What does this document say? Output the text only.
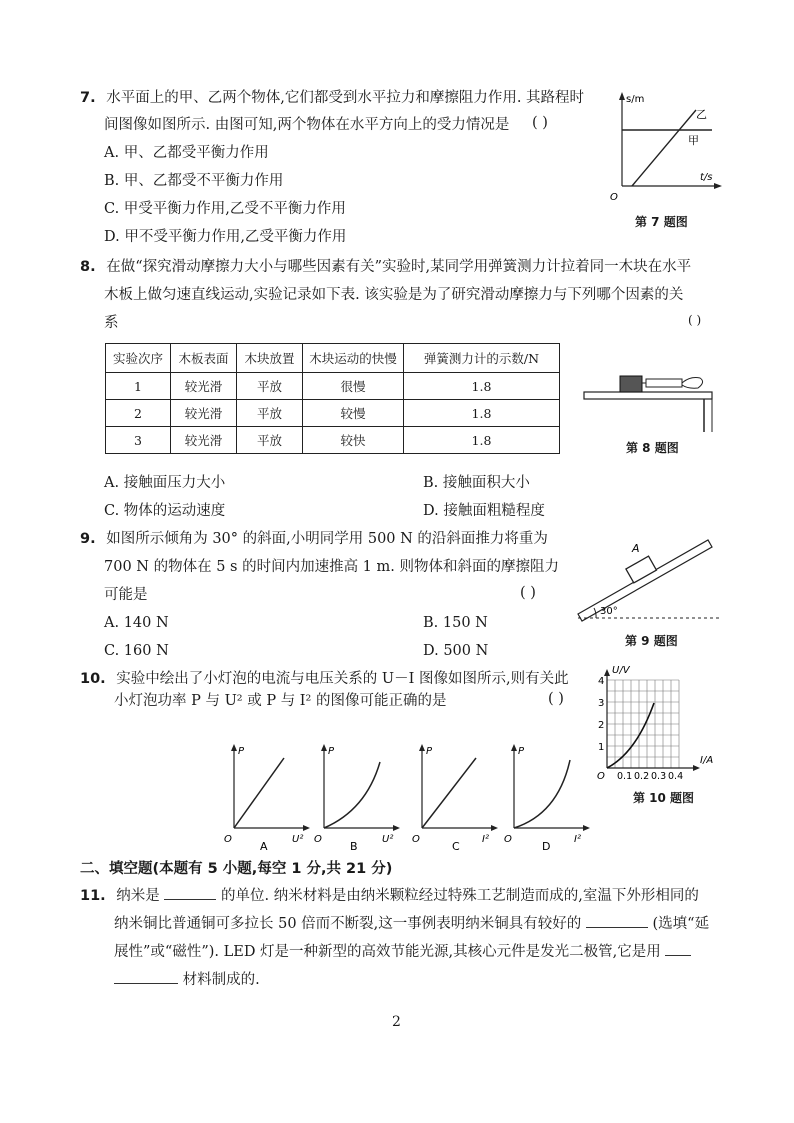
7. 水平面上的甲、乙两个物体,它们都受到水平拉力和摩擦阻力作用. 其路程时
间图像如图所示. 由图可知,两个物体在水平方向上的受力情况是 ( )
A. 甲、乙都受平衡力作用
B. 甲、乙都受不平衡力作用
C. 甲受平衡力作用,乙受不平衡力作用
D. 甲不受平衡力作用,乙受平衡力作用
s/m
t/s
O
乙
甲
第 7 题图
8. 在做“探究滑动摩擦力大小与哪些因素有关”实验时,某同学用弹簧测力计拉着同一木块在水平
木板上做匀速直线运动,实验记录如下表. 该实验是为了研究滑动摩擦力与下列哪个因素的关
系	( )
实验次序	木板表面	木块放置	木块运动的快慢	弹簧测力计的示数/N
1	较光滑	平放	很慢	1.8
2	较光滑	平放	较慢	1.8
3	较光滑	平放	较快	1.8
第 8 题图
A. 接触面压力大小	B. 接触面积大小
C. 物体的运动速度	D. 接触面粗糙程度
9. 如图所示倾角为 30° 的斜面,小明同学用 500 N 的沿斜面推力将重为
700 N 的物体在 5 s 的时间内加速推高 1 m. 则物体和斜面的摩擦阻力
可能是	( )
A. 140 N	B. 150 N
C. 160 N	D. 500 N
A
30°
第 9 题图
10. 实验中绘出了小灯泡的电流与电压关系的 U－I 图像如图所示,则有关此
小灯泡功率 P 与 U² 或 P 与 I² 的图像可能正确的是	( )
U/V
I/A
O
1
2
3
4
0.1 0.2 0.3 0.4
第 10 题图
P
U²
O
A
P
U²
O
B
P
I²
O
C
P
I²
O
D
二、填空题(本题有 5 小题,每空 1 分,共 21 分)
11. 纳米是	的单位. 纳米材料是由纳米颗粒经过特殊工艺制造而成的,室温下外形相同的
纳米铜比普通铜可多拉长 50 倍而不断裂,这一事例表明纳米铜具有较好的	(选填“延
展性”或“磁性”). LED 灯是一种新型的高效节能光源,其核心元件是发光二极管,它是用
材料制成的.
2
